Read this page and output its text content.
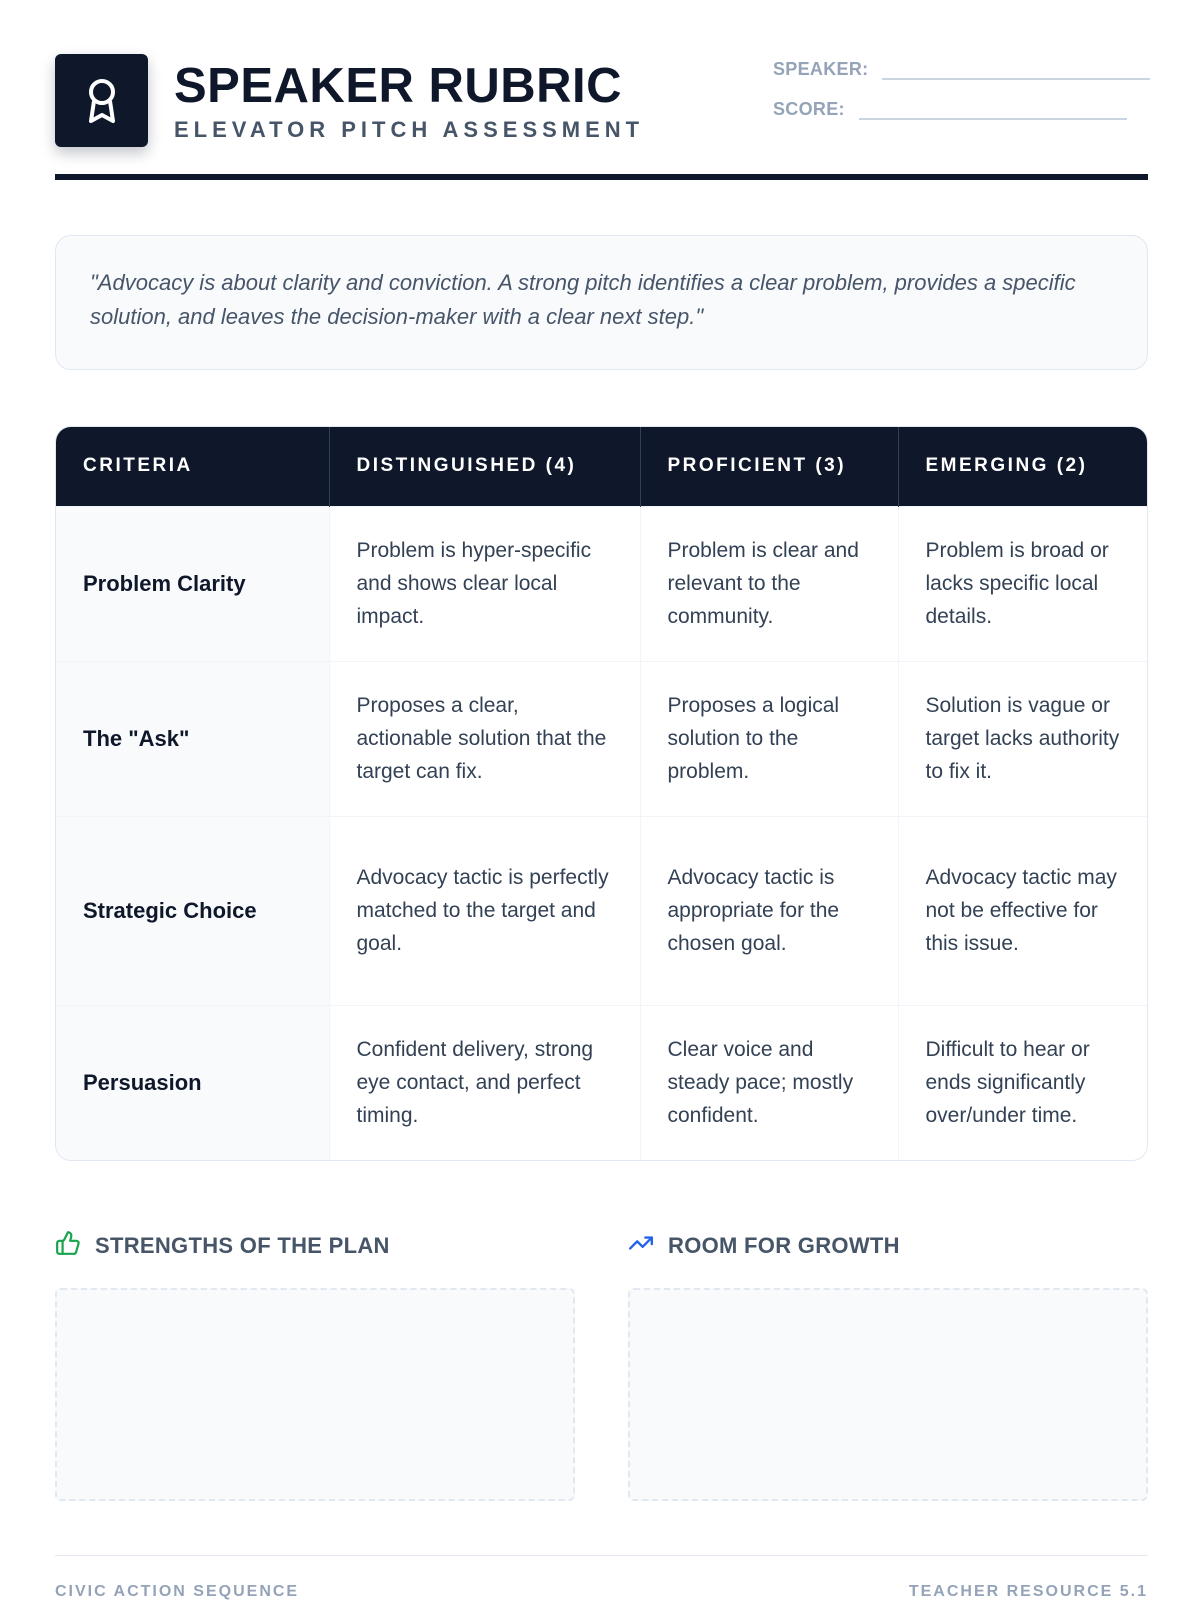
SPEAKER RUBRIC
ELEVATOR PITCH ASSESSMENT
SPEAKER:
SCORE:

"Advocacy is about clarity and conviction. A strong pitch identifies a clear problem, provides a specific solution, and leaves the decision-maker with a clear next step."

CRITERIA	DISTINGUISHED (4)	PROFICIENT (3)	EMERGING (2)
Problem Clarity	Problem is hyper-specific and shows clear local impact.	Problem is clear and relevant to the community.	Problem is broad or lacks specific local details.
The "Ask"	Proposes a clear, actionable solution that the target can fix.	Proposes a logical solution to the problem.	Solution is vague or target lacks authority to fix it.
Strategic Choice	Advocacy tactic is perfectly matched to the target and goal.	Advocacy tactic is appropriate for the chosen goal.	Advocacy tactic may not be effective for this issue.
Persuasion	Confident delivery, strong eye contact, and perfect timing.	Clear voice and steady pace; mostly confident.	Difficult to hear or ends significantly over/under time.
STRENGTHS OF THE PLAN	ROOM FOR GROWTH
CIVIC ACTION SEQUENCE	TEACHER RESOURCE 5.1
